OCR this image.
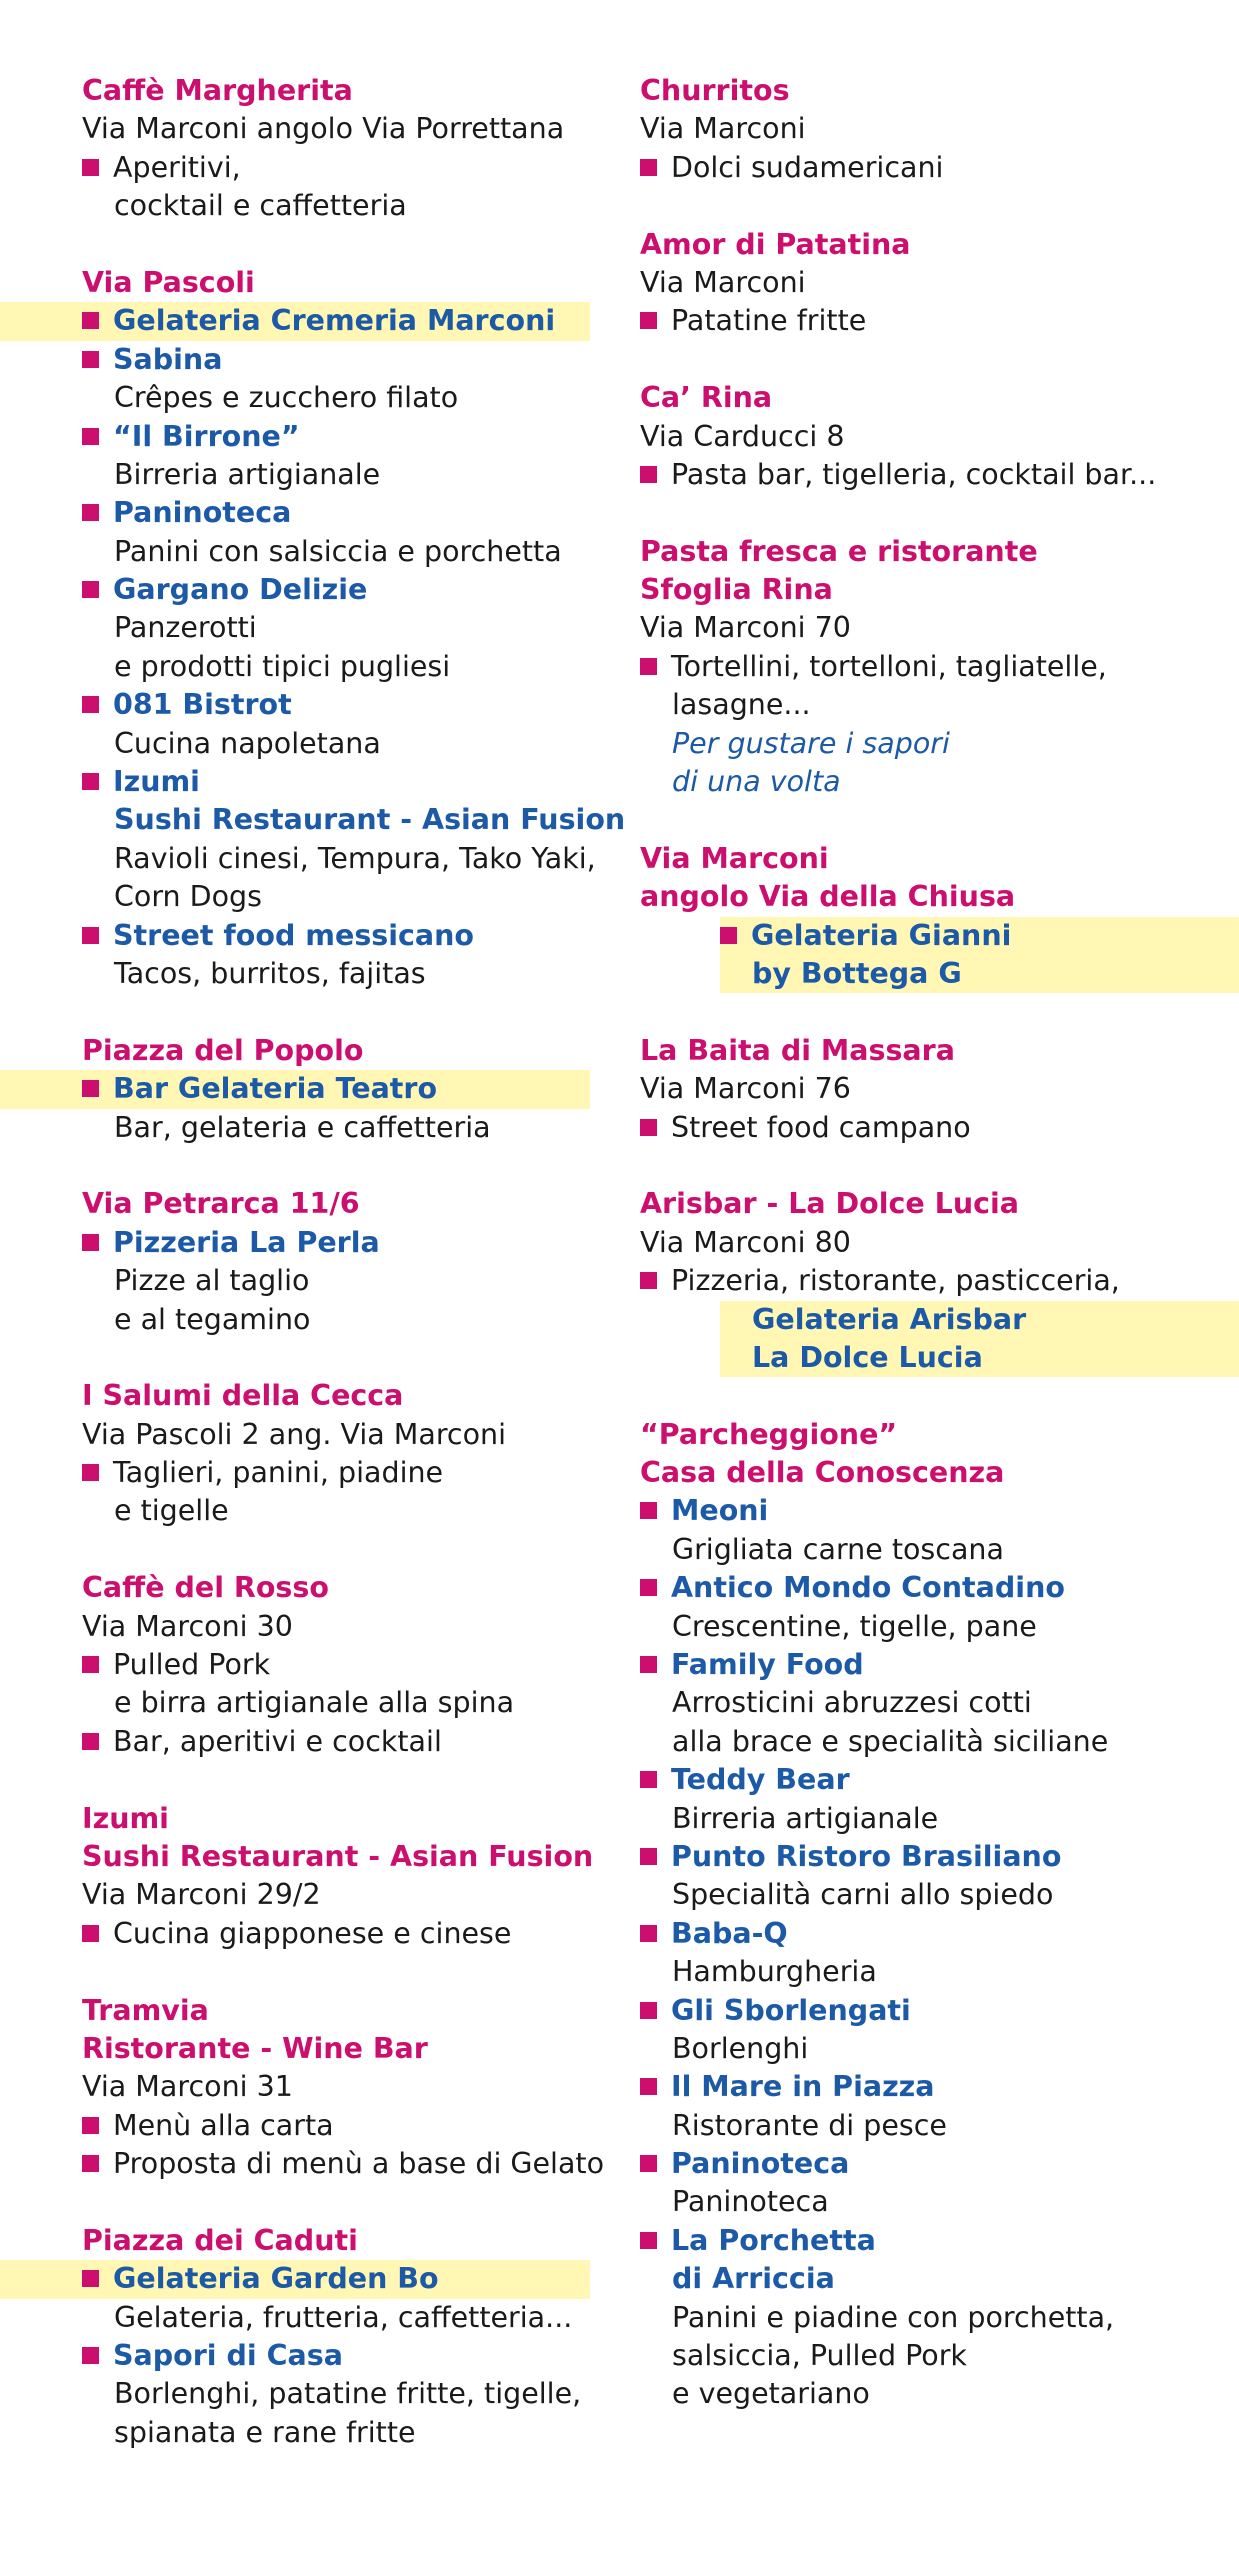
Caffè Margherita
Via Marconi angolo Via Porrettana
Aperitivi,
cocktail e caffetteria
Via Pascoli
Gelateria Cremeria Marconi
Sabina
Crêpes e zucchero filato
“Il Birrone”
Birreria artigianale
Paninoteca
Panini con salsiccia e porchetta
Gargano Delizie
Panzerotti
e prodotti tipici pugliesi
081 Bistrot
Cucina napoletana
Izumi
Sushi Restaurant - Asian Fusion
Ravioli cinesi, Tempura, Tako Yaki,
Corn Dogs
Street food messicano
Tacos, burritos, fajitas
Piazza del Popolo
Bar Gelateria Teatro
Bar, gelateria e caffetteria
Via Petrarca 11/6
Pizzeria La Perla
Pizze al taglio
e al tegamino
I Salumi della Cecca
Via Pascoli 2 ang. Via Marconi
Taglieri, panini, piadine
e tigelle
Caffè del Rosso
Via Marconi 30
Pulled Pork
e birra artigianale alla spina
Bar, aperitivi e cocktail
Izumi
Sushi Restaurant - Asian Fusion
Via Marconi 29/2
Cucina giapponese e cinese
Tramvia
Ristorante - Wine Bar
Via Marconi 31
Menù alla carta
Proposta di menù a base di Gelato
Piazza dei Caduti
Gelateria Garden Bo
Gelateria, frutteria, caffetteria...
Sapori di Casa
Borlenghi, patatine fritte, tigelle,
spianata e rane fritte
Churritos
Via Marconi
Dolci sudamericani
Amor di Patatina
Via Marconi
Patatine fritte
Ca’ Rina
Via Carducci 8
Pasta bar, tigelleria, cocktail bar...
Pasta fresca e ristorante
Sfoglia Rina
Via Marconi 70
Tortellini, tortelloni, tagliatelle,
lasagne...
Per gustare i sapori
di una volta
Via Marconi
angolo Via della Chiusa
Gelateria Gianni
by Bottega G
La Baita di Massara
Via Marconi 76
Street food campano
Arisbar - La Dolce Lucia
Via Marconi 80
Pizzeria, ristorante, pasticceria,
Gelateria Arisbar
La Dolce Lucia
“Parcheggione”
Casa della Conoscenza
Meoni
Grigliata carne toscana
Antico Mondo Contadino
Crescentine, tigelle, pane
Family Food
Arrosticini abruzzesi cotti
alla brace e specialità siciliane
Teddy Bear
Birreria artigianale
Punto Ristoro Brasiliano
Specialità carni allo spiedo
Baba-Q
Hamburgheria
Gli Sborlengati
Borlenghi
Il Mare in Piazza
Ristorante di pesce
Paninoteca
Paninoteca
La Porchetta
di Arriccia
Panini e piadine con porchetta,
salsiccia, Pulled Pork
e vegetariano
